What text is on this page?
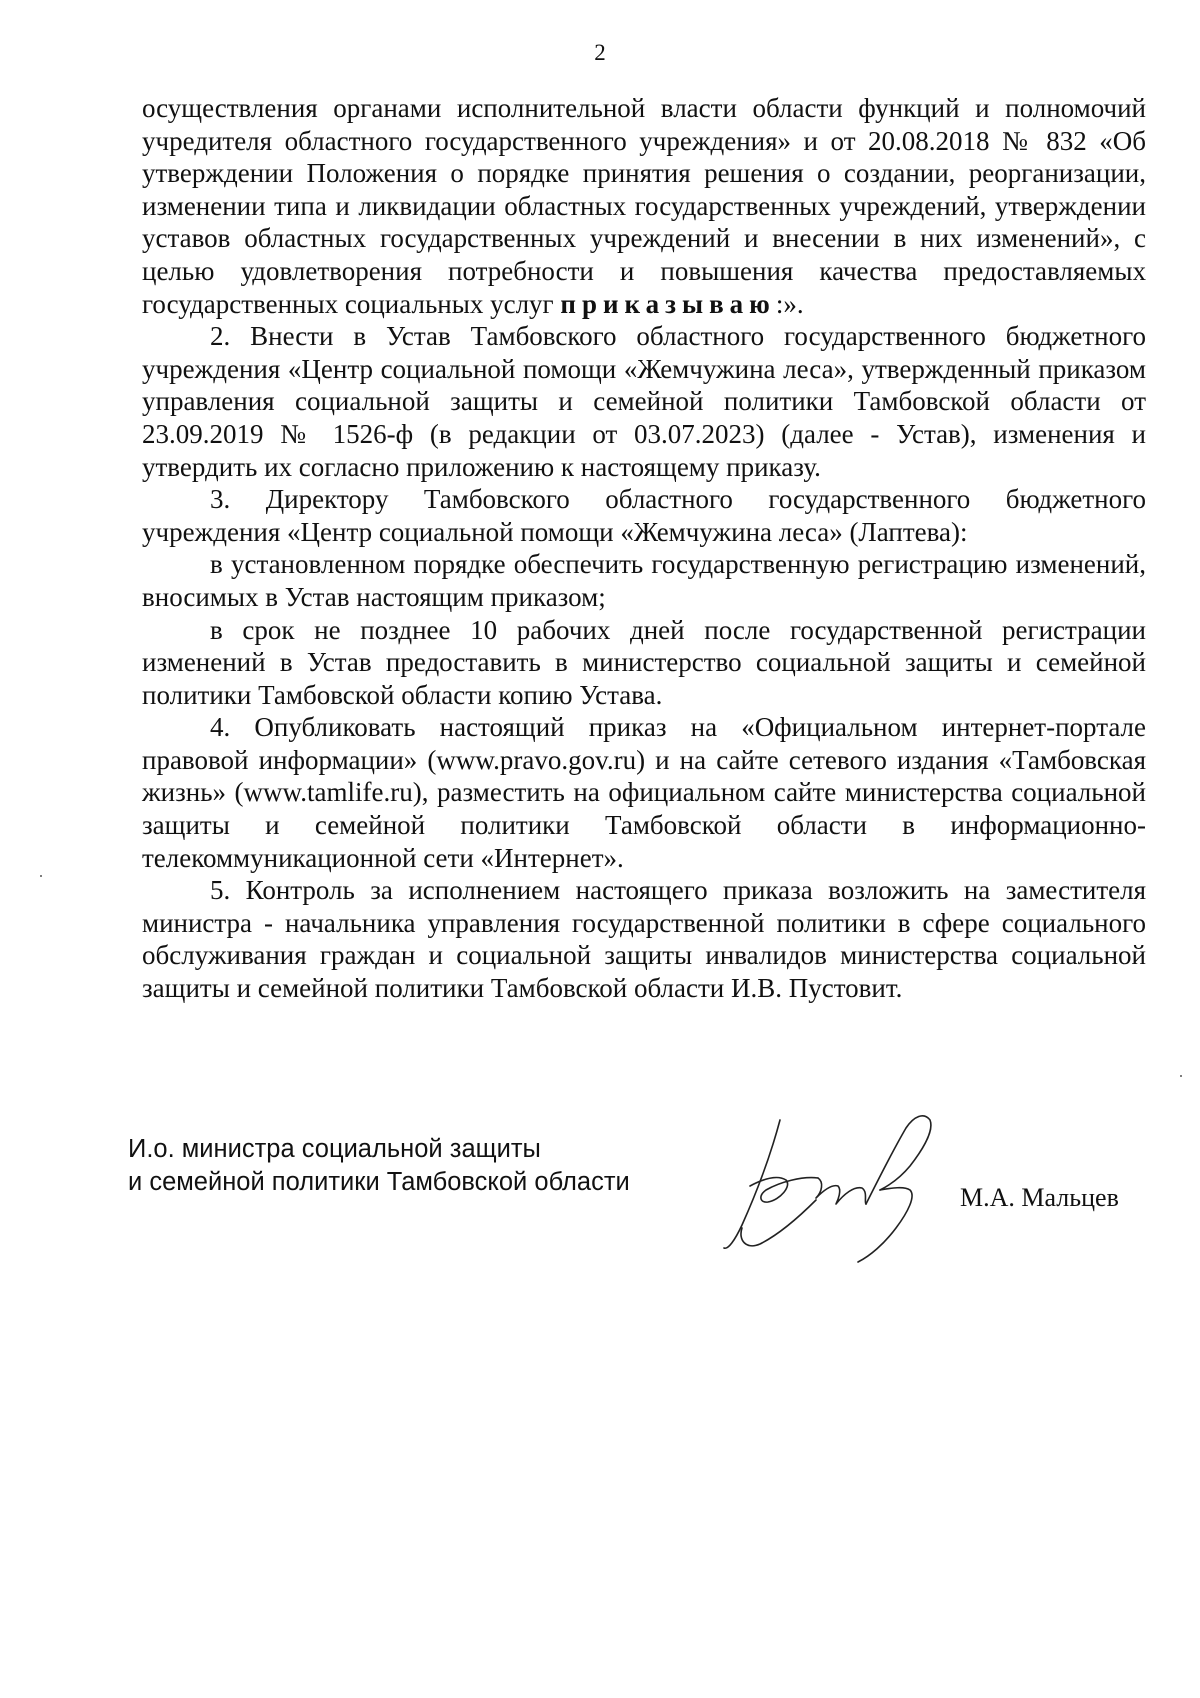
2

осуществления органами исполнительной власти области функций и полномочий учредителя областного государственного учреждения» и от 20.08.2018 № 832 «Об утверждении Положения о порядке принятия решения о создании, реорганизации, изменении типа и ликвидации областных государственных учреждений, утверждении уставов областных государственных учреждений и внесении в них изменений», с целью удовлетворения потребности и повышения качества предоставляемых государственных социальных услуг приказываю:».

2. Внести в Устав Тамбовского областного государственного бюджетного учреждения «Центр социальной помощи «Жемчужина леса», утвержденный приказом управления социальной защиты и семейной политики Тамбовской области от 23.09.2019 № 1526-ф (в редакции от 03.07.2023) (далее - Устав), изменения и утвердить их согласно приложению к настоящему приказу.

3. Директору Тамбовского областного государственного бюджетного учреждения «Центр социальной помощи «Жемчужина леса» (Лаптева):

в установленном порядке обеспечить государственную регистрацию изменений, вносимых в Устав настоящим приказом;

в срок не позднее 10 рабочих дней после государственной регистрации изменений в Устав предоставить в министерство социальной защиты и семейной политики Тамбовской области копию Устава.

4. Опубликовать настоящий приказ на «Официальном интернет-портале правовой информации» (www.pravo.gov.ru) и на сайте сетевого издания «Тамбовская жизнь» (www.tamlife.ru), разместить на официальном сайте министерства социальной защиты и семейной политики Тамбовской области в информационно-телекоммуникационной сети «Интернет».

5. Контроль за исполнением настоящего приказа возложить на заместителя министра - начальника управления государственной политики в сфере социального обслуживания граждан и социальной защиты инвалидов министерства социальной защиты и семейной политики Тамбовской области И.В. Пустовит.

И.о. министра социальной защиты
и семейной политики Тамбовской области
М.А. Мальцев
